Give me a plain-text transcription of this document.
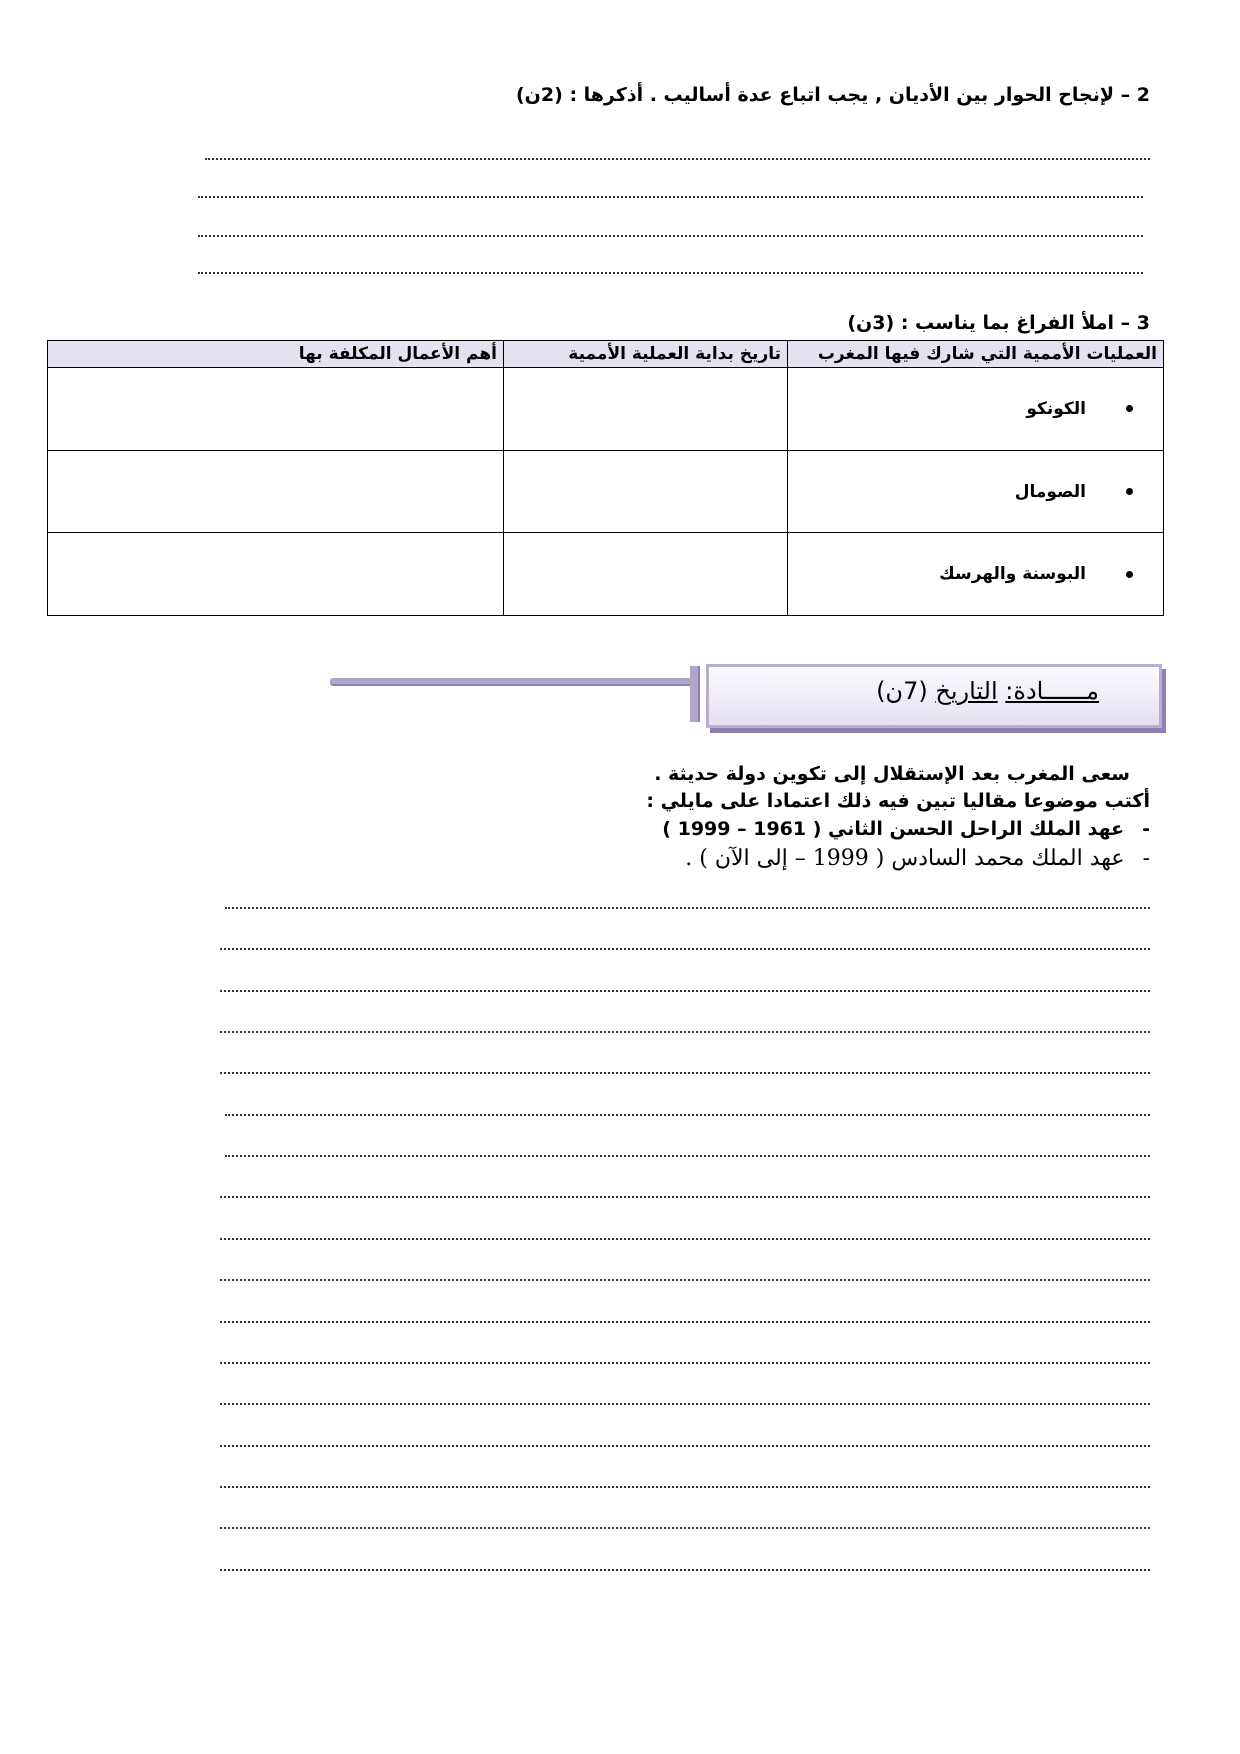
2 – لإنجاح الحوار بين الأديان , يجب اتباع عدة أساليب . أذكرها : (2ن)
3 – املأ الفراغ بما يناسب : (3ن)
العمليات الأممية التي شارك فيها المغرب	تاريخ بداية العملية الأممية	أهم الأعمال المكلفة بها
الكونكو		
الصومال		
البوسنة والهرسك		
مــــــادة: التاريخ (7ن)
سعى المغرب بعد الإستقلال إلى تكوين دولة حديثة .
أكتب موضوعا مقاليا تبين فيه ذلك اعتمادا على مايلي :
-عهد الملك الراحل الحسن الثاني ( 1961 – 1999 )
-عهد الملك محمد السادس ( 1999 – إلى الآن ) .
